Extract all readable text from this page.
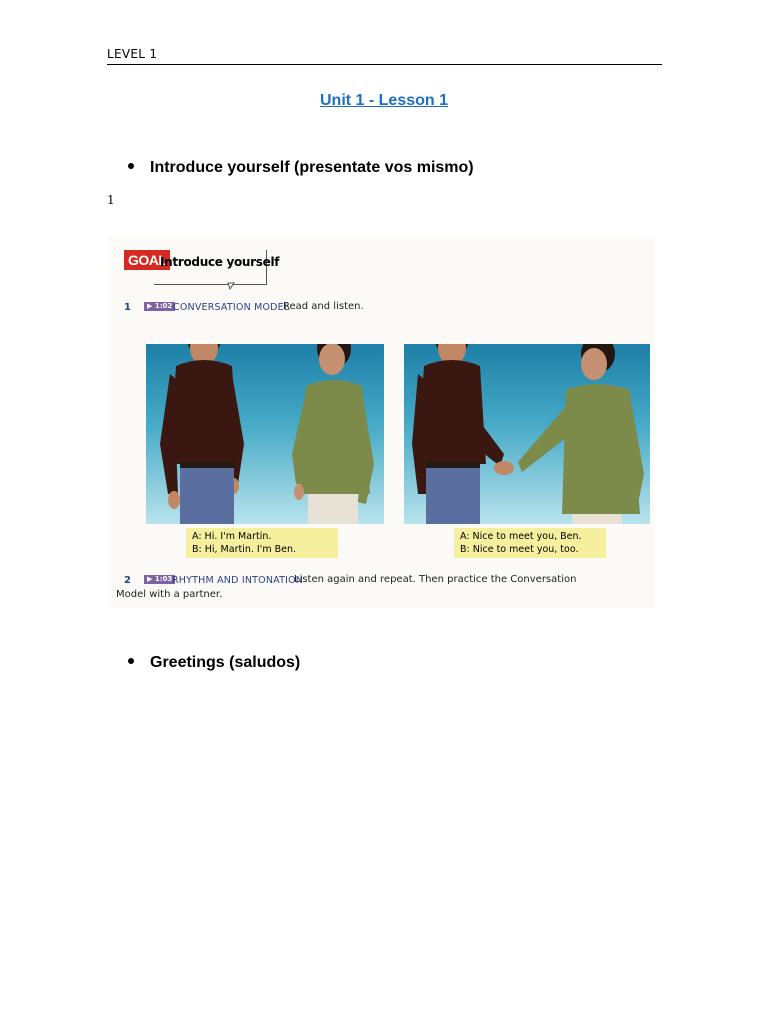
LEVEL 1
Unit 1 - Lesson 1
Introduce yourself (presentate vos mismo)
1
GOAL
Introduce yourself
1	▶ 1:02 CONVERSATION MODEL
Read and listen.
A: Hi. I'm Martin.
B: Hi, Martin. I'm Ben.
A: Nice to meet you, Ben.
B: Nice to meet you, too.
2	▶ 1:03 RHYTHM AND INTONATION
Listen again and repeat. Then practice the Conversation
Model with a partner.
Greetings (saludos)
